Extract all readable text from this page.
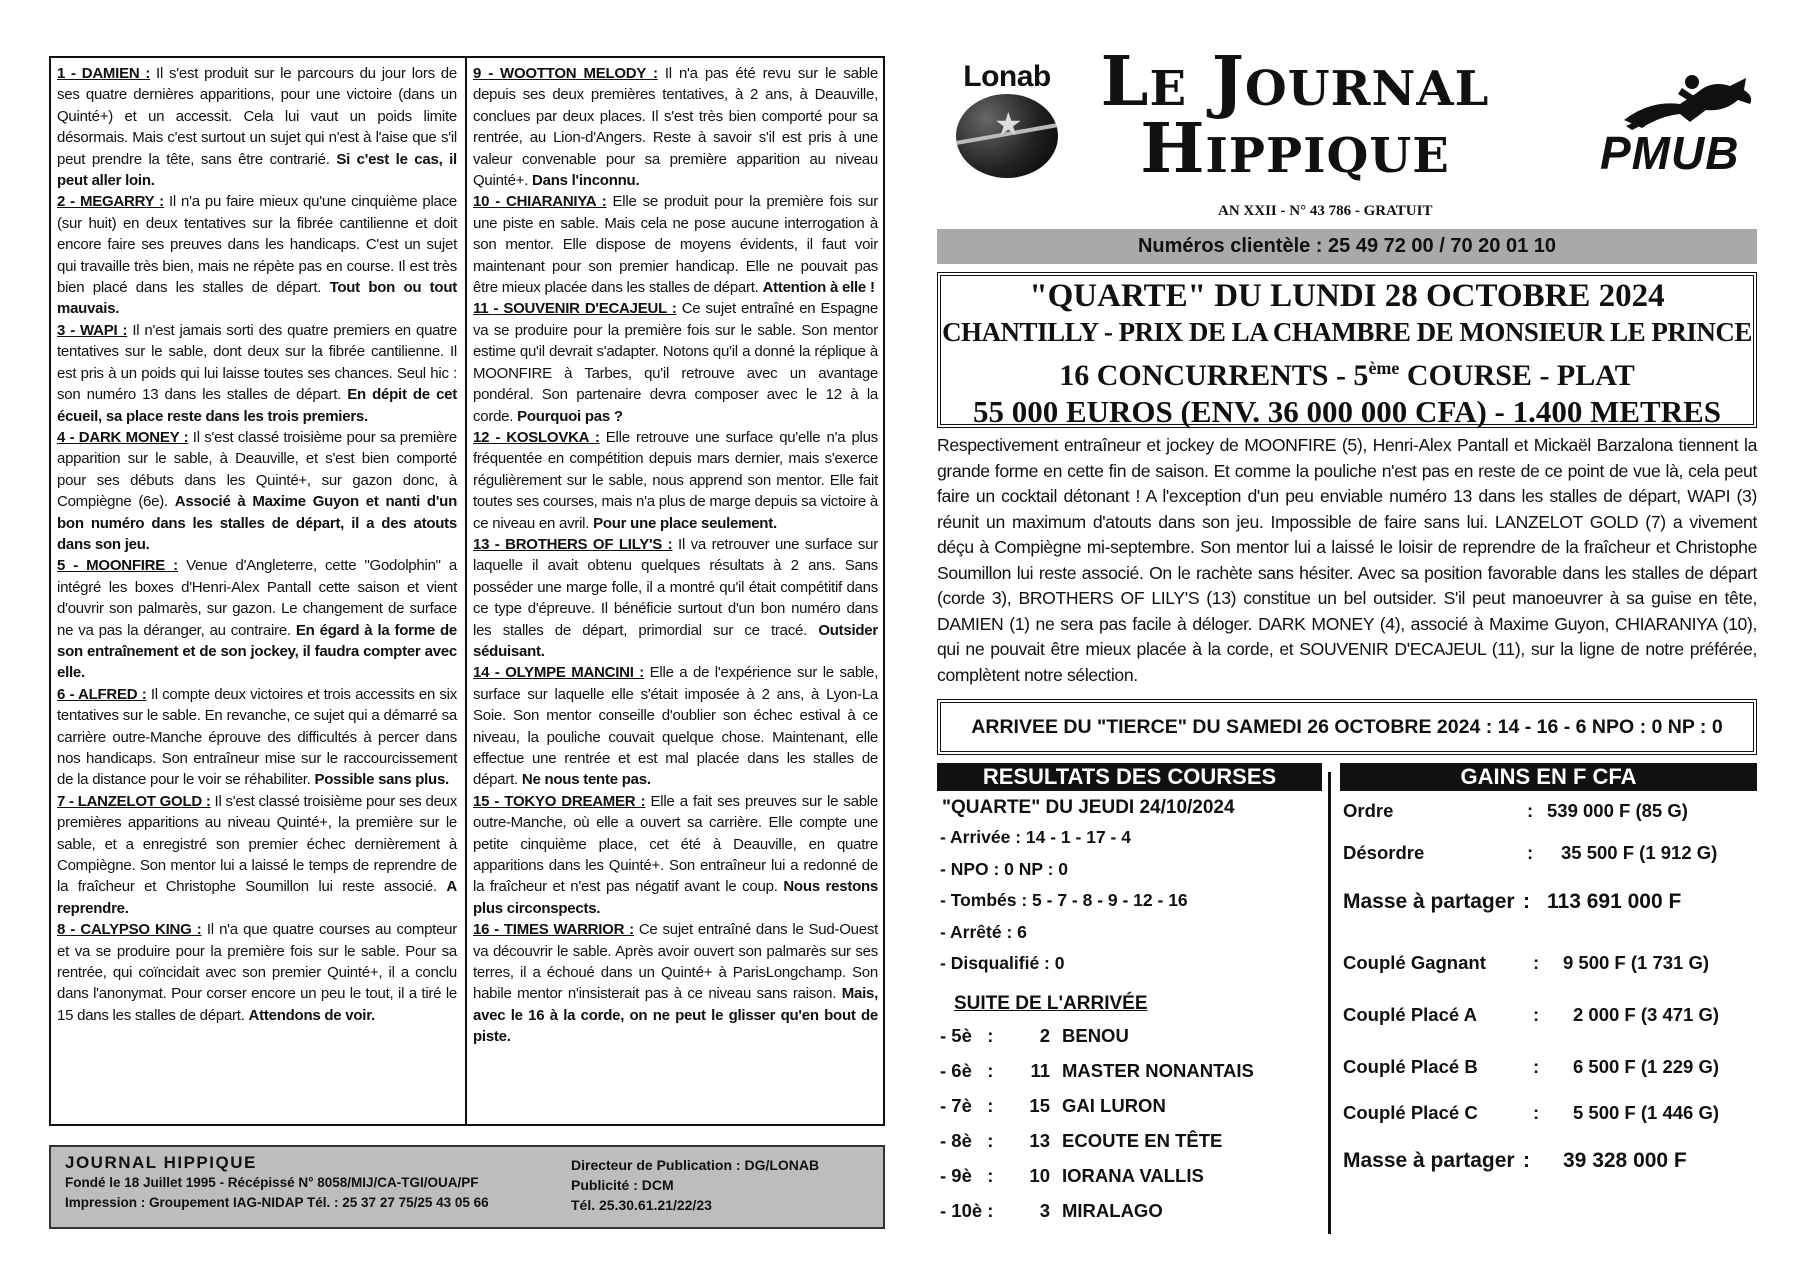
1 - DAMIEN : Il s'est produit sur le parcours du jour lors de ses quatre dernières apparitions, pour une victoire (dans un Quinté+) et un accessit. Cela lui vaut un poids limite désormais. Mais c'est surtout un sujet qui n'est à l'aise que s'il peut prendre la tête, sans être contrarié. Si c'est le cas, il peut aller loin.

2 - MEGARRY : Il n'a pu faire mieux qu'une cinquième place (sur huit) en deux tentatives sur la fibrée cantilienne et doit encore faire ses preuves dans les handicaps. C'est un sujet qui travaille très bien, mais ne répète pas en course. Il est très bien placé dans les stalles de départ. Tout bon ou tout mauvais.

3 - WAPI : Il n'est jamais sorti des quatre premiers en quatre tentatives sur le sable, dont deux sur la fibrée cantilienne. Il est pris à un poids qui lui laisse toutes ses chances. Seul hic : son numéro 13 dans les stalles de départ. En dépit de cet écueil, sa place reste dans les trois premiers.

4 - DARK MONEY : Il s'est classé troisième pour sa première apparition sur le sable, à Deauville, et s'est bien comporté pour ses débuts dans les Quinté+, sur gazon donc, à Compiègne (6e). Associé à Maxime Guyon et nanti d'un bon numéro dans les stalles de départ, il a des atouts dans son jeu.

5 - MOONFIRE : Venue d'Angleterre, cette "Godolphin" a intégré les boxes d'Henri-Alex Pantall cette saison et vient d'ouvrir son palmarès, sur gazon. Le changement de surface ne va pas la déranger, au contraire. En égard à la forme de son entraînement et de son jockey, il faudra compter avec elle.

6 - ALFRED : Il compte deux victoires et trois accessits en six tentatives sur le sable. En revanche, ce sujet qui a démarré sa carrière outre-Manche éprouve des difficultés à percer dans nos handicaps. Son entraîneur mise sur le raccourcissement de la distance pour le voir se réhabiliter. Possible sans plus.

7 - LANZELOT GOLD : Il s'est classé troisième pour ses deux premières apparitions au niveau Quinté+, la première sur le sable, et a enregistré son premier échec dernièrement à Compiègne. Son mentor lui a laissé le temps de reprendre de la fraîcheur et Christophe Soumillon lui reste associé. A reprendre.

8 - CALYPSO KING : Il n'a que quatre courses au compteur et va se produire pour la première fois sur le sable. Pour sa rentrée, qui coïncidait avec son premier Quinté+, il a conclu dans l'anonymat. Pour corser encore un peu le tout, il a tiré le 15 dans les stalles de départ. Attendons de voir.

9 - WOOTTON MELODY : Il n'a pas été revu sur le sable depuis ses deux premières tentatives, à 2 ans, à Deauville, conclues par deux places. Il s'est très bien comporté pour sa rentrée, au Lion-d'Angers. Reste à savoir s'il est pris à une valeur convenable pour sa première apparition au niveau Quinté+. Dans l'inconnu.

10 - CHIARANIYA : Elle se produit pour la première fois sur une piste en sable. Mais cela ne pose aucune interrogation à son mentor. Elle dispose de moyens évidents, il faut voir maintenant pour son premier handicap. Elle ne pouvait pas être mieux placée dans les stalles de départ. Attention à elle !

11 - SOUVENIR D'ECAJEUL : Ce sujet entraîné en Espagne va se produire pour la première fois sur le sable. Son mentor estime qu'il devrait s'adapter. Notons qu'il a donné la réplique à MOONFIRE à Tarbes, qu'il retrouve avec un avantage pondéral. Son partenaire devra composer avec le 12 à la corde. Pourquoi pas ?

12 - KOSLOVKA : Elle retrouve une surface qu'elle n'a plus fréquentée en compétition depuis mars dernier, mais s'exerce régulièrement sur le sable, nous apprend son mentor. Elle fait toutes ses courses, mais n'a plus de marge depuis sa victoire à ce niveau en avril. Pour une place seulement.

13 - BROTHERS OF LILY'S : Il va retrouver une surface sur laquelle il avait obtenu quelques résultats à 2 ans. Sans posséder une marge folle, il a montré qu'il était compétitif dans ce type d'épreuve. Il bénéficie surtout d'un bon numéro dans les stalles de départ, primordial sur ce tracé. Outsider séduisant.

14 - OLYMPE MANCINI : Elle a de l'expérience sur le sable, surface sur laquelle elle s'était imposée à 2 ans, à Lyon-La Soie. Son mentor conseille d'oublier son échec estival à ce niveau, la pouliche couvait quelque chose. Maintenant, elle effectue une rentrée et est mal placée dans les stalles de départ. Ne nous tente pas.

15 - TOKYO DREAMER : Elle a fait ses preuves sur le sable outre-Manche, où elle a ouvert sa carrière. Elle compte une petite cinquième place, cet été à Deauville, en quatre apparitions dans les Quinté+. Son entraîneur lui a redonné de la fraîcheur et n'est pas négatif avant le coup. Nous restons plus circonspects.

16 - TIMES WARRIOR : Ce sujet entraîné dans le Sud-Ouest va découvrir le sable. Après avoir ouvert son palmarès sur ses terres, il a échoué dans un Quinté+ à ParisLongchamp. Son habile mentor n'insisterait pas à ce niveau sans raison. Mais, avec le 16 à la corde, on ne peut le glisser qu'en bout de piste.

JOURNAL HIPPIQUE
Fondé le 18 Juillet 1995 - Récépissé N° 8058/MIJ/CA-TGI/OUA/PF
Impression : Groupement IAG-NIDAP Tél. : 25 37 27 75/25 43 05 66
Directeur de Publication : DG/LONAB
Publicité : DCM
Tél. 25.30.61.21/22/23
Lonab
★
Le Journal
Hippique
AN XXII - N° 43 786 - GRATUIT
PMUB
Numéros clientèle : 25 49 72 00 / 70 20 01 10
"QUARTE" DU LUNDI 28 OCTOBRE 2024
CHANTILLY - PRIX DE LA CHAMBRE DE MONSIEUR LE PRINCE
16 CONCURRENTS - 5ème COURSE - PLAT
55 000 EUROS (ENV. 36 000 000 CFA) - 1.400 METRES
Respectivement entraîneur et jockey de MOONFIRE (5), Henri-Alex Pantall et Mickaël Barzalona tiennent la grande forme en cette fin de saison. Et comme la pouliche n'est pas en reste de ce point de vue là, cela peut faire un cocktail détonant ! A l'exception d'un peu enviable numéro 13 dans les stalles de départ, WAPI (3) réunit un maximum d'atouts dans son jeu. Impossible de faire sans lui. LANZELOT GOLD (7) a vivement déçu à Compiègne mi-septembre. Son mentor lui a laissé le loisir de reprendre de la fraîcheur et Christophe Soumillon lui reste associé. On le rachète sans hésiter. Avec sa position favorable dans les stalles de départ (corde 3), BROTHERS OF LILY'S (13) constitue un bel outsider. S'il peut manoeuvrer à sa guise en tête, DAMIEN (1) ne sera pas facile à déloger. DARK MONEY (4), associé à Maxime Guyon, CHIARANIYA (10), qui ne pouvait être mieux placée à la corde, et SOUVENIR D'ECAJEUL (11), sur la ligne de notre préférée, complètent notre sélection.
ARRIVEE DU "TIERCE" DU SAMEDI 26 OCTOBRE 2024 : 14 - 16 - 6 NPO : 0 NP : 0
RESULTATS DES COURSES	GAINS EN F CFA
"QUARTE" DU JEUDI 24/10/2024
- Arrivée : 14 - 1 - 17 - 4
- NPO : 0 NP : 0
- Tombés : 5 - 7 - 8 - 9 - 12 - 16
- Arrêté : 6
- Disqualifié : 0
SUITE DE L'ARRIVÉE
- 5è   : 2 BENOU
- 6è   : 11 MASTER NONANTAIS
- 7è   : 15 GAI LURON
- 8è   : 13 ECOUTE EN TÊTE
- 9è   : 10 IORANA VALLIS
- 10è : 3 MIRALAGO
Ordre	: 539 000 F (85 G)
Désordre	: 35 500 F (1 912 G)
Masse à partager : 113 691 000 F
Couplé Gagnant	: 9 500 F (1 731 G)
Couplé Placé A	: 2 000 F (3 471 G)
Couplé Placé B	: 6 500 F (1 229 G)
Couplé Placé C	: 5 500 F (1 446 G)
Masse à partager : 39 328 000 F
